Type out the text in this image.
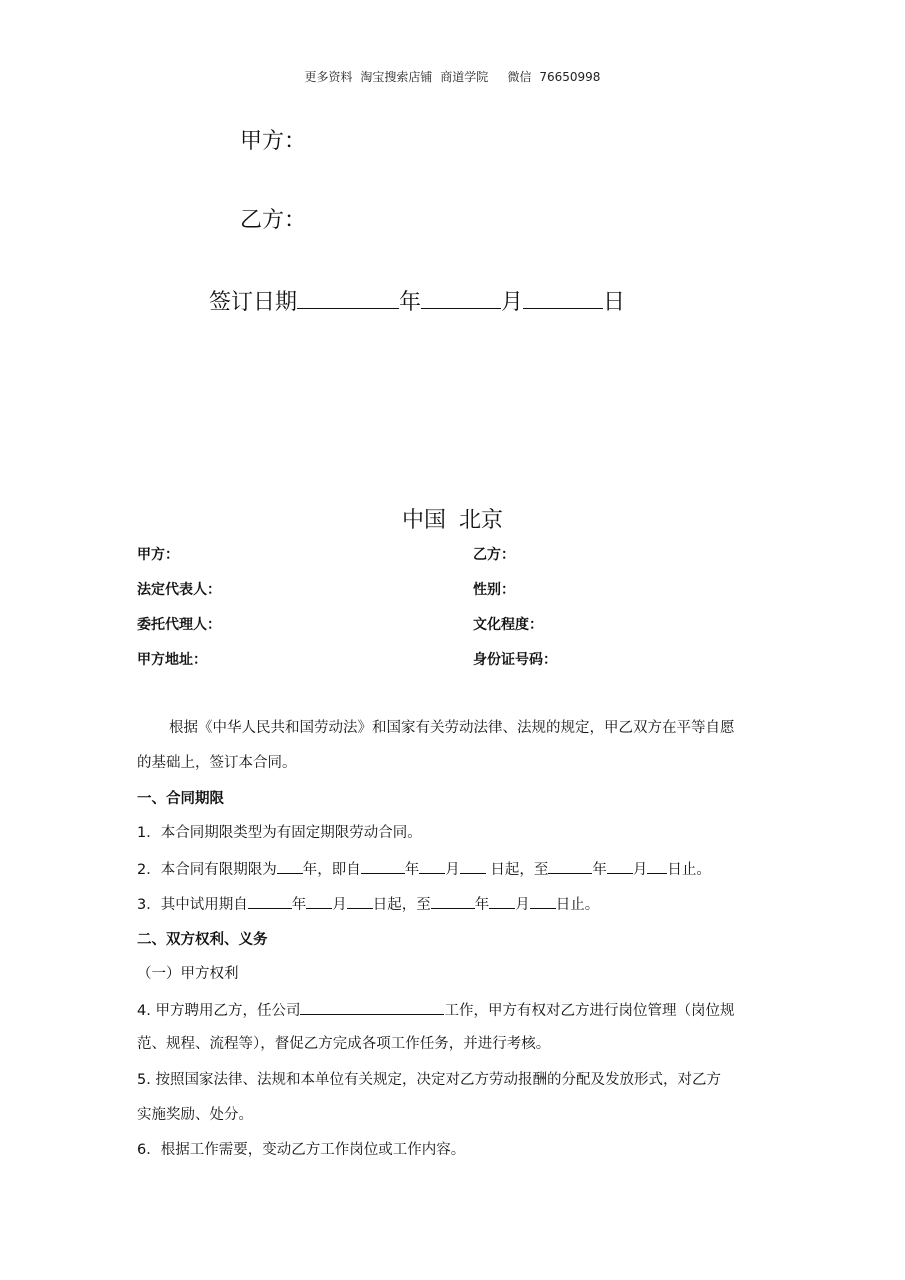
更多资料 淘宝搜索店铺 商道学院 微信 76650998
甲方：
乙方：
签订日期	年	月	日
中国 北京
甲方：	乙方：
法定代表人：	性别：
委托代理人：	文化程度：
甲方地址：	身份证号码：
根据《中华人民共和国劳动法》和国家有关劳动法律、法规的规定，甲乙双方在平等自愿
的基础上，签订本合同。
一、合同期限
1．本合同期限类型为有固定期限劳动合同。
2．本合同有限期限为 年，即自	年 月 日起，至	年 月 日止。
3．其中试用期自	年 月 日起，至	年 月 日止。
二、双方权利、义务
（一）甲方权利
4. 甲方聘用乙方，任公司	工作，甲方有权对乙方进行岗位管理（岗位规
范、规程、流程等），督促乙方完成各项工作任务，并进行考核。
5. 按照国家法律、法规和本单位有关规定，决定对乙方劳动报酬的分配及发放形式，对乙方
实施奖励、处分。
6．根据工作需要，变动乙方工作岗位或工作内容。
